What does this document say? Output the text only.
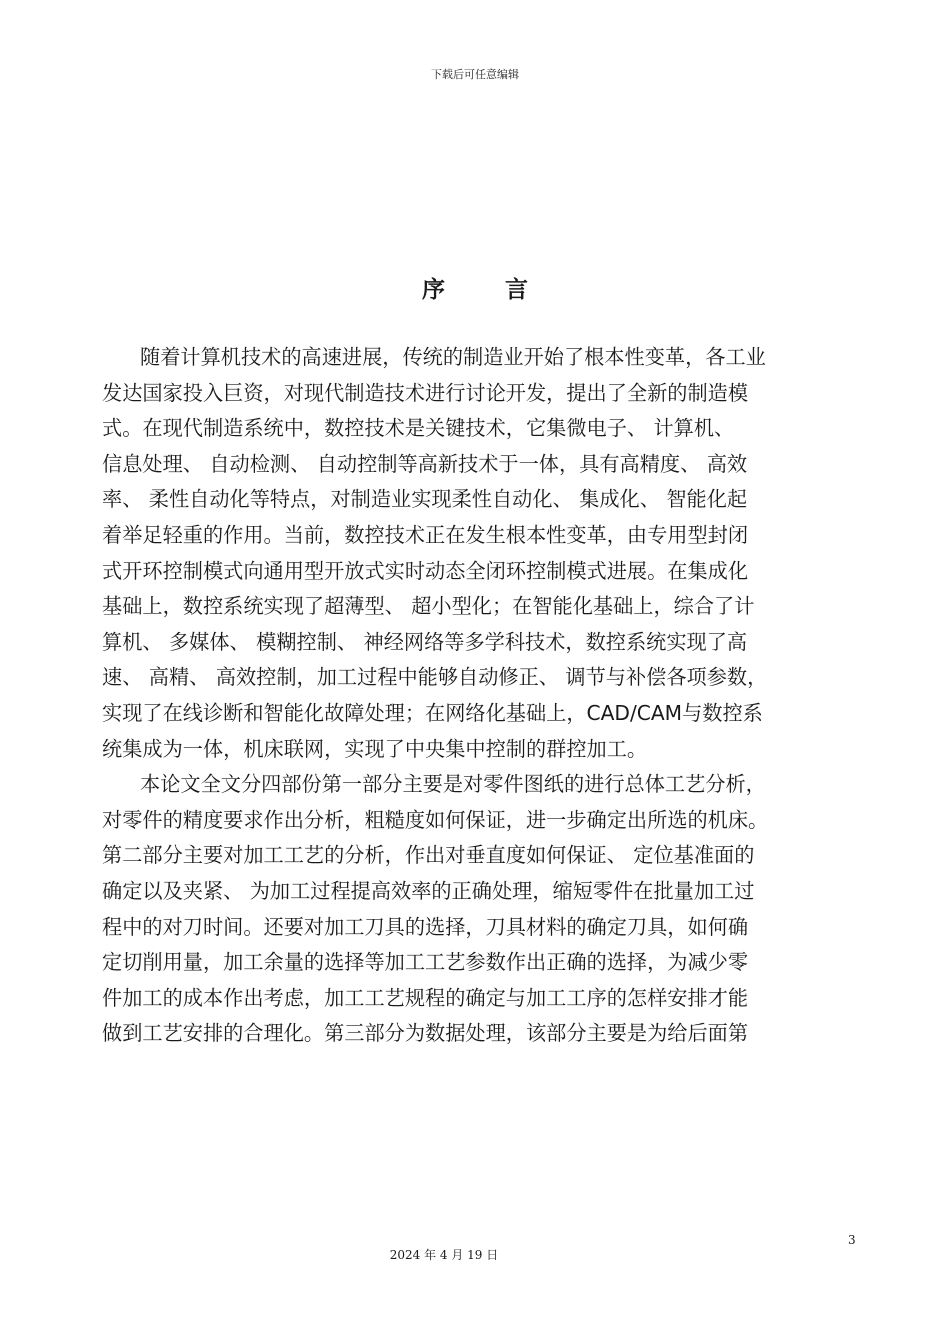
下载后可任意编辑
序 言
随着计算机技术的高速进展，传统的制造业开始了根本性变革，各工业
发达国家投入巨资，对现代制造技术进行讨论开发，提出了全新的制造模
式。在现代制造系统中，数控技术是关键技术，它集微电子、 计算机、
信息处理、 自动检测、 自动控制等高新技术于一体，具有高精度、 高效
率、 柔性自动化等特点，对制造业实现柔性自动化、 集成化、 智能化起
着举足轻重的作用。当前，数控技术正在发生根本性变革，由专用型封闭
式开环控制模式向通用型开放式实时动态全闭环控制模式进展。在集成化
基础上，数控系统实现了超薄型、 超小型化；在智能化基础上，综合了计
算机、 多媒体、 模糊控制、 神经网络等多学科技术，数控系统实现了高
速、 高精、 高效控制，加工过程中能够自动修正、 调节与补偿各项参数，
实现了在线诊断和智能化故障处理；在网络化基础上，CAD/CAM与数控系
统集成为一体，机床联网，实现了中央集中控制的群控加工。
本论文全文分四部份第一部分主要是对零件图纸的进行总体工艺分析，
对零件的精度要求作出分析，粗糙度如何保证，进一步确定出所选的机床。
第二部分主要对加工工艺的分析，作出对垂直度如何保证、 定位基准面的
确定以及夹紧、 为加工过程提高效率的正确处理，缩短零件在批量加工过
程中的对刀时间。还要对加工刀具的选择，刀具材料的确定刀具，如何确
定切削用量，加工余量的选择等加工工艺参数作出正确的选择，为减少零
件加工的成本作出考虑，加工工艺规程的确定与加工工序的怎样安排才能
做到工艺安排的合理化。第三部分为数据处理，该部分主要是为给后面第
3
2024 年 4 月 19 日
